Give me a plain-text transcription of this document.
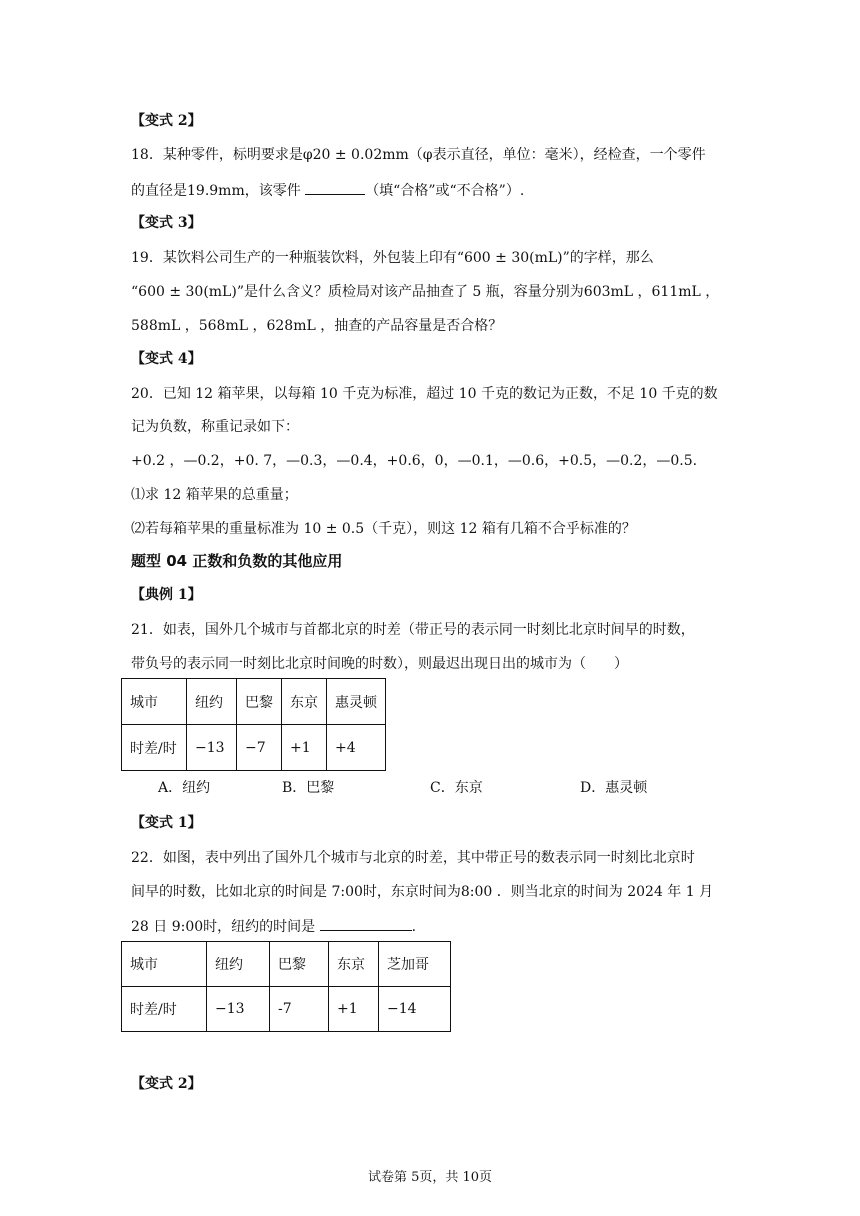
【变式 2】
18．某种零件，标明要求是φ20 ± 0.02mm（φ表示直径，单位：毫米），经检查，一个零件
的直径是19.9mm，该零件	（填“合格”或“不合格”）.
【变式 3】
19．某饮料公司生产的一种瓶装饮料，外包装上印有“600 ± 30(mL)”的字样，那么
“600 ± 30(mL)”是什么含义？质检局对该产品抽查了 5 瓶，容量分别为603mL ，611mL ，
588mL ，568mL ，628mL ，抽查的产品容量是否合格？
【变式 4】
20．已知 12 箱苹果，以每箱 10 千克为标准，超过 10 千克的数记为正数，不足 10 千克的数
记为负数，称重记录如下：
+0.2 ，—0.2，+0. 7，—0.3，—0.4，+0.6，0，—0.1，—0.6，+0.5，—0.2，—0.5.
⑴求 12 箱苹果的总重量；
⑵若每箱苹果的重量标准为 10 ± 0.5（千克），则这 12 箱有几箱不合乎标准的？
题型 04 正数和负数的其他应用
【典例 1】
21．如表，国外几个城市与首都北京的时差（带正号的表示同一时刻比北京时间早的时数，
带负号的表示同一时刻比北京时间晚的时数），则最迟出现日出的城市为（　　）
城市	纽约	巴黎	东京	惠灵顿
时差/时	−13	−7	+1	+4
A．纽约	B．巴黎	C．东京	D．惠灵顿
【变式 1】
22．如图，表中列出了国外几个城市与北京的时差，其中带正号的数表示同一时刻比北京时
间早的时数，比如北京的时间是 7:00时，东京时间为8:00 ．则当北京的时间为 2024 年 1 月
28 日 9:00时，纽约的时间是	.
城市	纽约	巴黎	东京	芝加哥
时差/时	−13	-7	+1	−14
【变式 2】
试卷第 5页，共 10页
